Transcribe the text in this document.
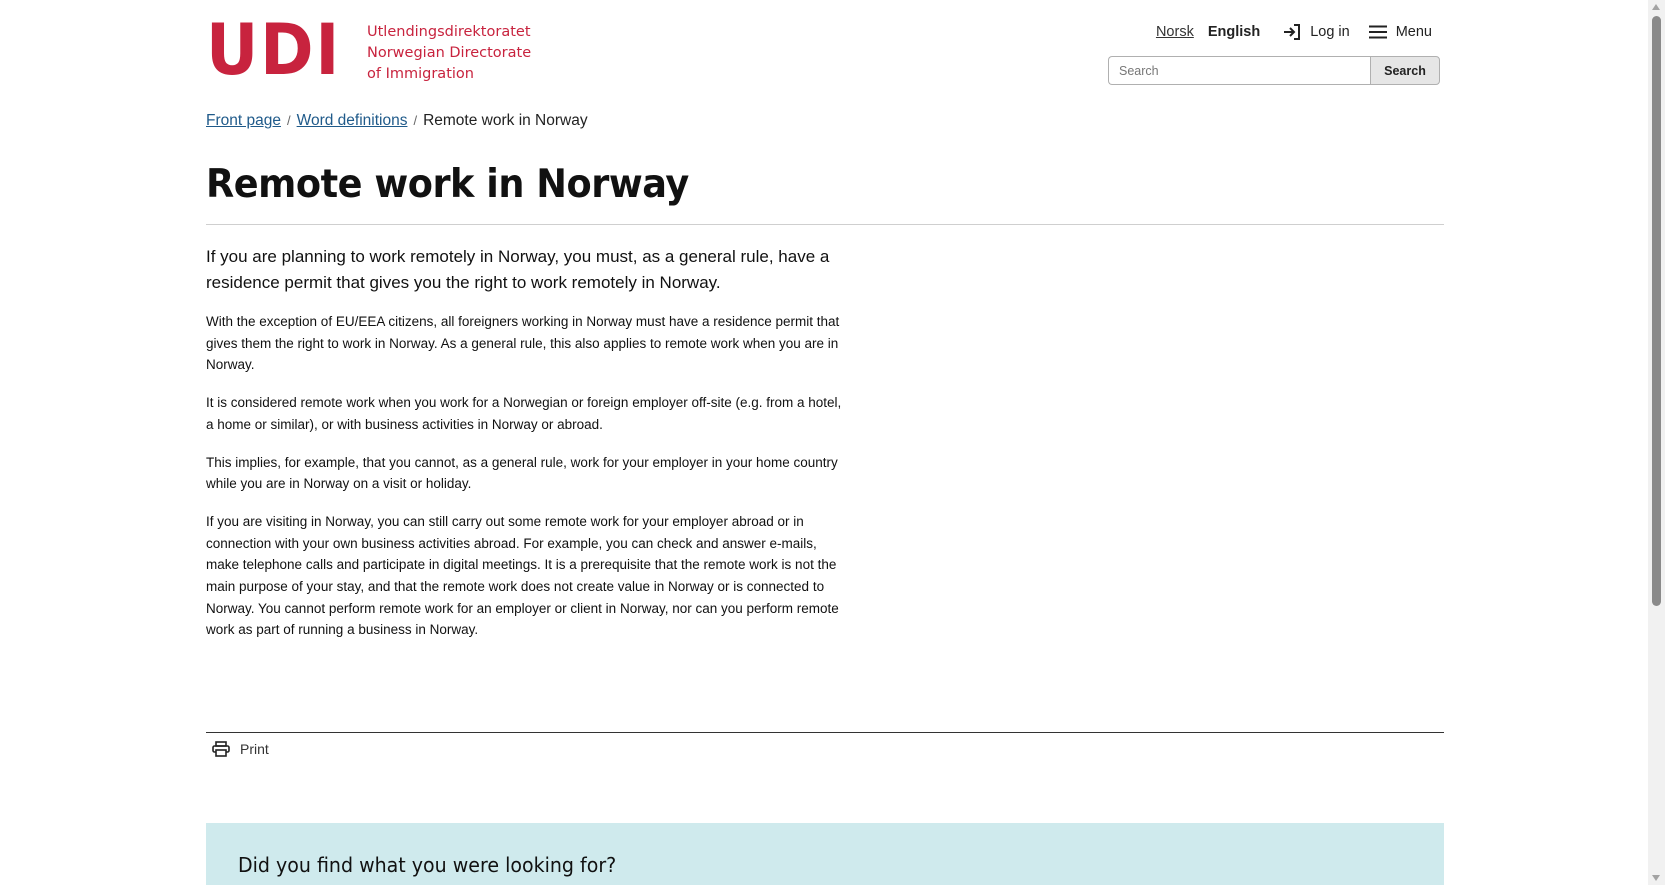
UDI Utlendingsdirektoratet
Norwegian Directorate
of Immigration
Norsk English	Log in	Menu
Search
Search
Front page / Word definitions / Remote work in Norway
Remote work in Norway

If you are planning to work remotely in Norway, you must, as a general rule, have a residence permit that gives you the right to work remotely in Norway.

With the exception of EU/EEA citizens, all foreigners working in Norway must have a residence permit that gives them the right to work in Norway. As a general rule, this also applies to remote work when you are in Norway.

It is considered remote work when you work for a Norwegian or foreign employer off-site (e.g. from a hotel, a home or similar), or with business activities in Norway or abroad.

This implies, for example, that you cannot, as a general rule, work for your employer in your home country while you are in Norway on a visit or holiday.

If you are visiting in Norway, you can still carry out some remote work for your employer abroad or in connection with your own business activities abroad. For example, you can check and answer e-mails, make telephone calls and participate in digital meetings. It is a prerequisite that the remote work is not the main purpose of your stay, and that the remote work does not create value in Norway or is connected to Norway. You cannot perform remote work for an employer or client in Norway, nor can you perform remote work as part of running a business in Norway.

Print
Did you find what you were looking for?
